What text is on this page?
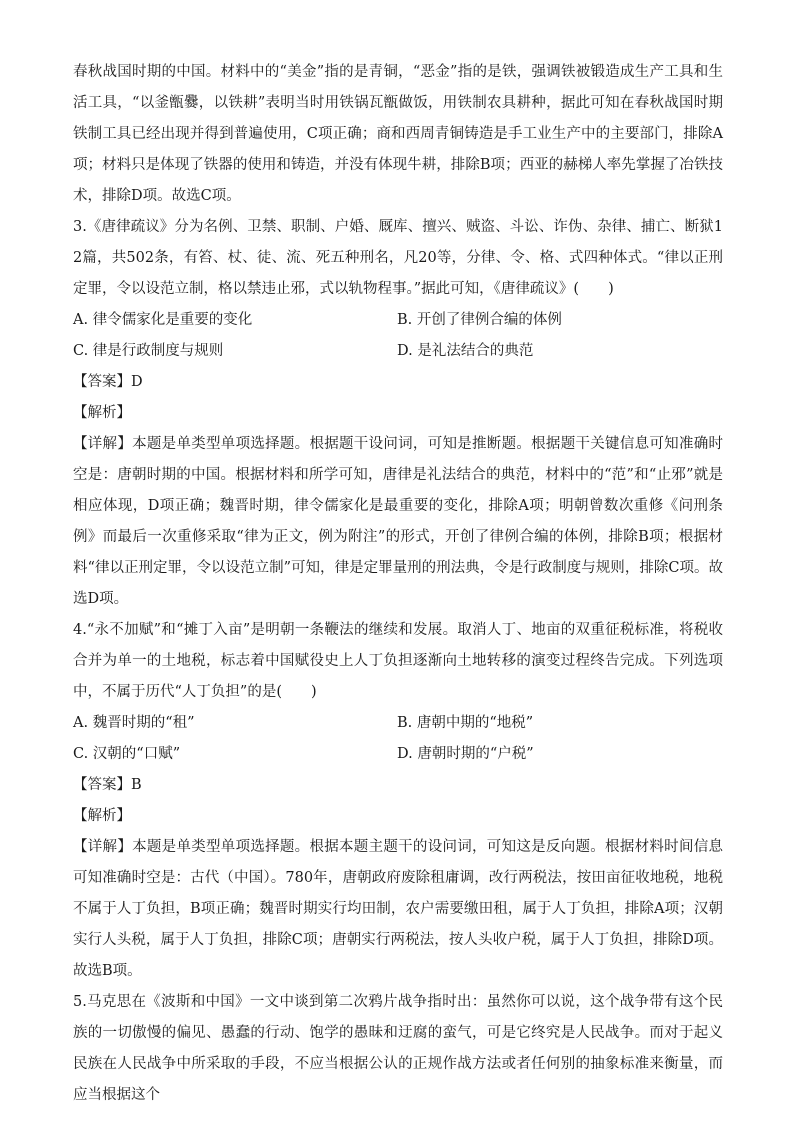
春秋战国时期的中国。材料中的“美金”指的是青铜，“恶金”指的是铁，强调铁被锻造成生产工具和生活工具，“以釜甑爨，以铁耕”表明当时用铁锅瓦甑做饭，用铁制农具耕种，据此可知在春秋战国时期铁制工具已经出现并得到普遍使用，C项正确；商和西周青铜铸造是手工业生产中的主要部门，排除A项；材料只是体现了铁器的使用和铸造，并没有体现牛耕，排除B项；西亚的赫梯人率先掌握了冶铁技术，排除D项。故选C项。

3.《唐律疏议》分为名例、卫禁、职制、户婚、厩库、擅兴、贼盗、斗讼、诈伪、杂律、捕亡、断狱12篇，共502条，有笞、杖、徒、流、死五种刑名，凡20等，分律、令、格、式四种体式。“律以正刑定罪，令以设范立制，格以禁违止邪，式以轨物程事。”据此可知，《唐律疏议》(　　)

A. 律令儒家化是重要的变化	B. 开创了律例合编的体例
C. 律是行政制度与规则	D. 是礼法结合的典范

【答案】D

【解析】

【详解】本题是单类型单项选择题。根据题干设问词，可知是推断题。根据题干关键信息可知准确时空是：唐朝时期的中国。根据材料和所学可知，唐律是礼法结合的典范，材料中的“范”和“止邪”就是相应体现，D项正确；魏晋时期，律令儒家化是最重要的变化，排除A项；明朝曾数次重修《问刑条例》而最后一次重修采取“律为正文，例为附注”的形式，开创了律例合编的体例，排除B项；根据材料“律以正刑定罪，令以设范立制”可知，律是定罪量刑的刑法典，令是行政制度与规则，排除C项。故选D项。

4.“永不加赋”和“摊丁入亩”是明朝一条鞭法的继续和发展。取消人丁、地亩的双重征税标准，将税收合并为单一的土地税，标志着中国赋役史上人丁负担逐渐向土地转移的演变过程终告完成。下列选项中，不属于历代“人丁负担”的是(　　)

A. 魏晋时期的“租”	B. 唐朝中期的“地税”
C. 汉朝的“口赋”	D. 唐朝时期的“户税”

【答案】B

【解析】

【详解】本题是单类型单项选择题。根据本题主题干的设问词，可知这是反向题。根据材料时间信息可知准确时空是：古代（中国）。780年，唐朝政府废除租庸调，改行两税法，按田亩征收地税，地税不属于人丁负担，B项正确；魏晋时期实行均田制，农户需要缴田租，属于人丁负担，排除A项；汉朝实行人头税，属于人丁负担，排除C项；唐朝实行两税法，按人头收户税，属于人丁负担，排除D项。故选B项。

5.马克思在《波斯和中国》一文中谈到第二次鸦片战争指时出：虽然你可以说，这个战争带有这个民族的一切傲慢的偏见、愚蠢的行动、饱学的愚昧和迂腐的蛮气，可是它终究是人民战争。而对于起义民族在人民战争中所采取的手段，不应当根据公认的正规作战方法或者任何别的抽象标准来衡量，而应当根据这个
